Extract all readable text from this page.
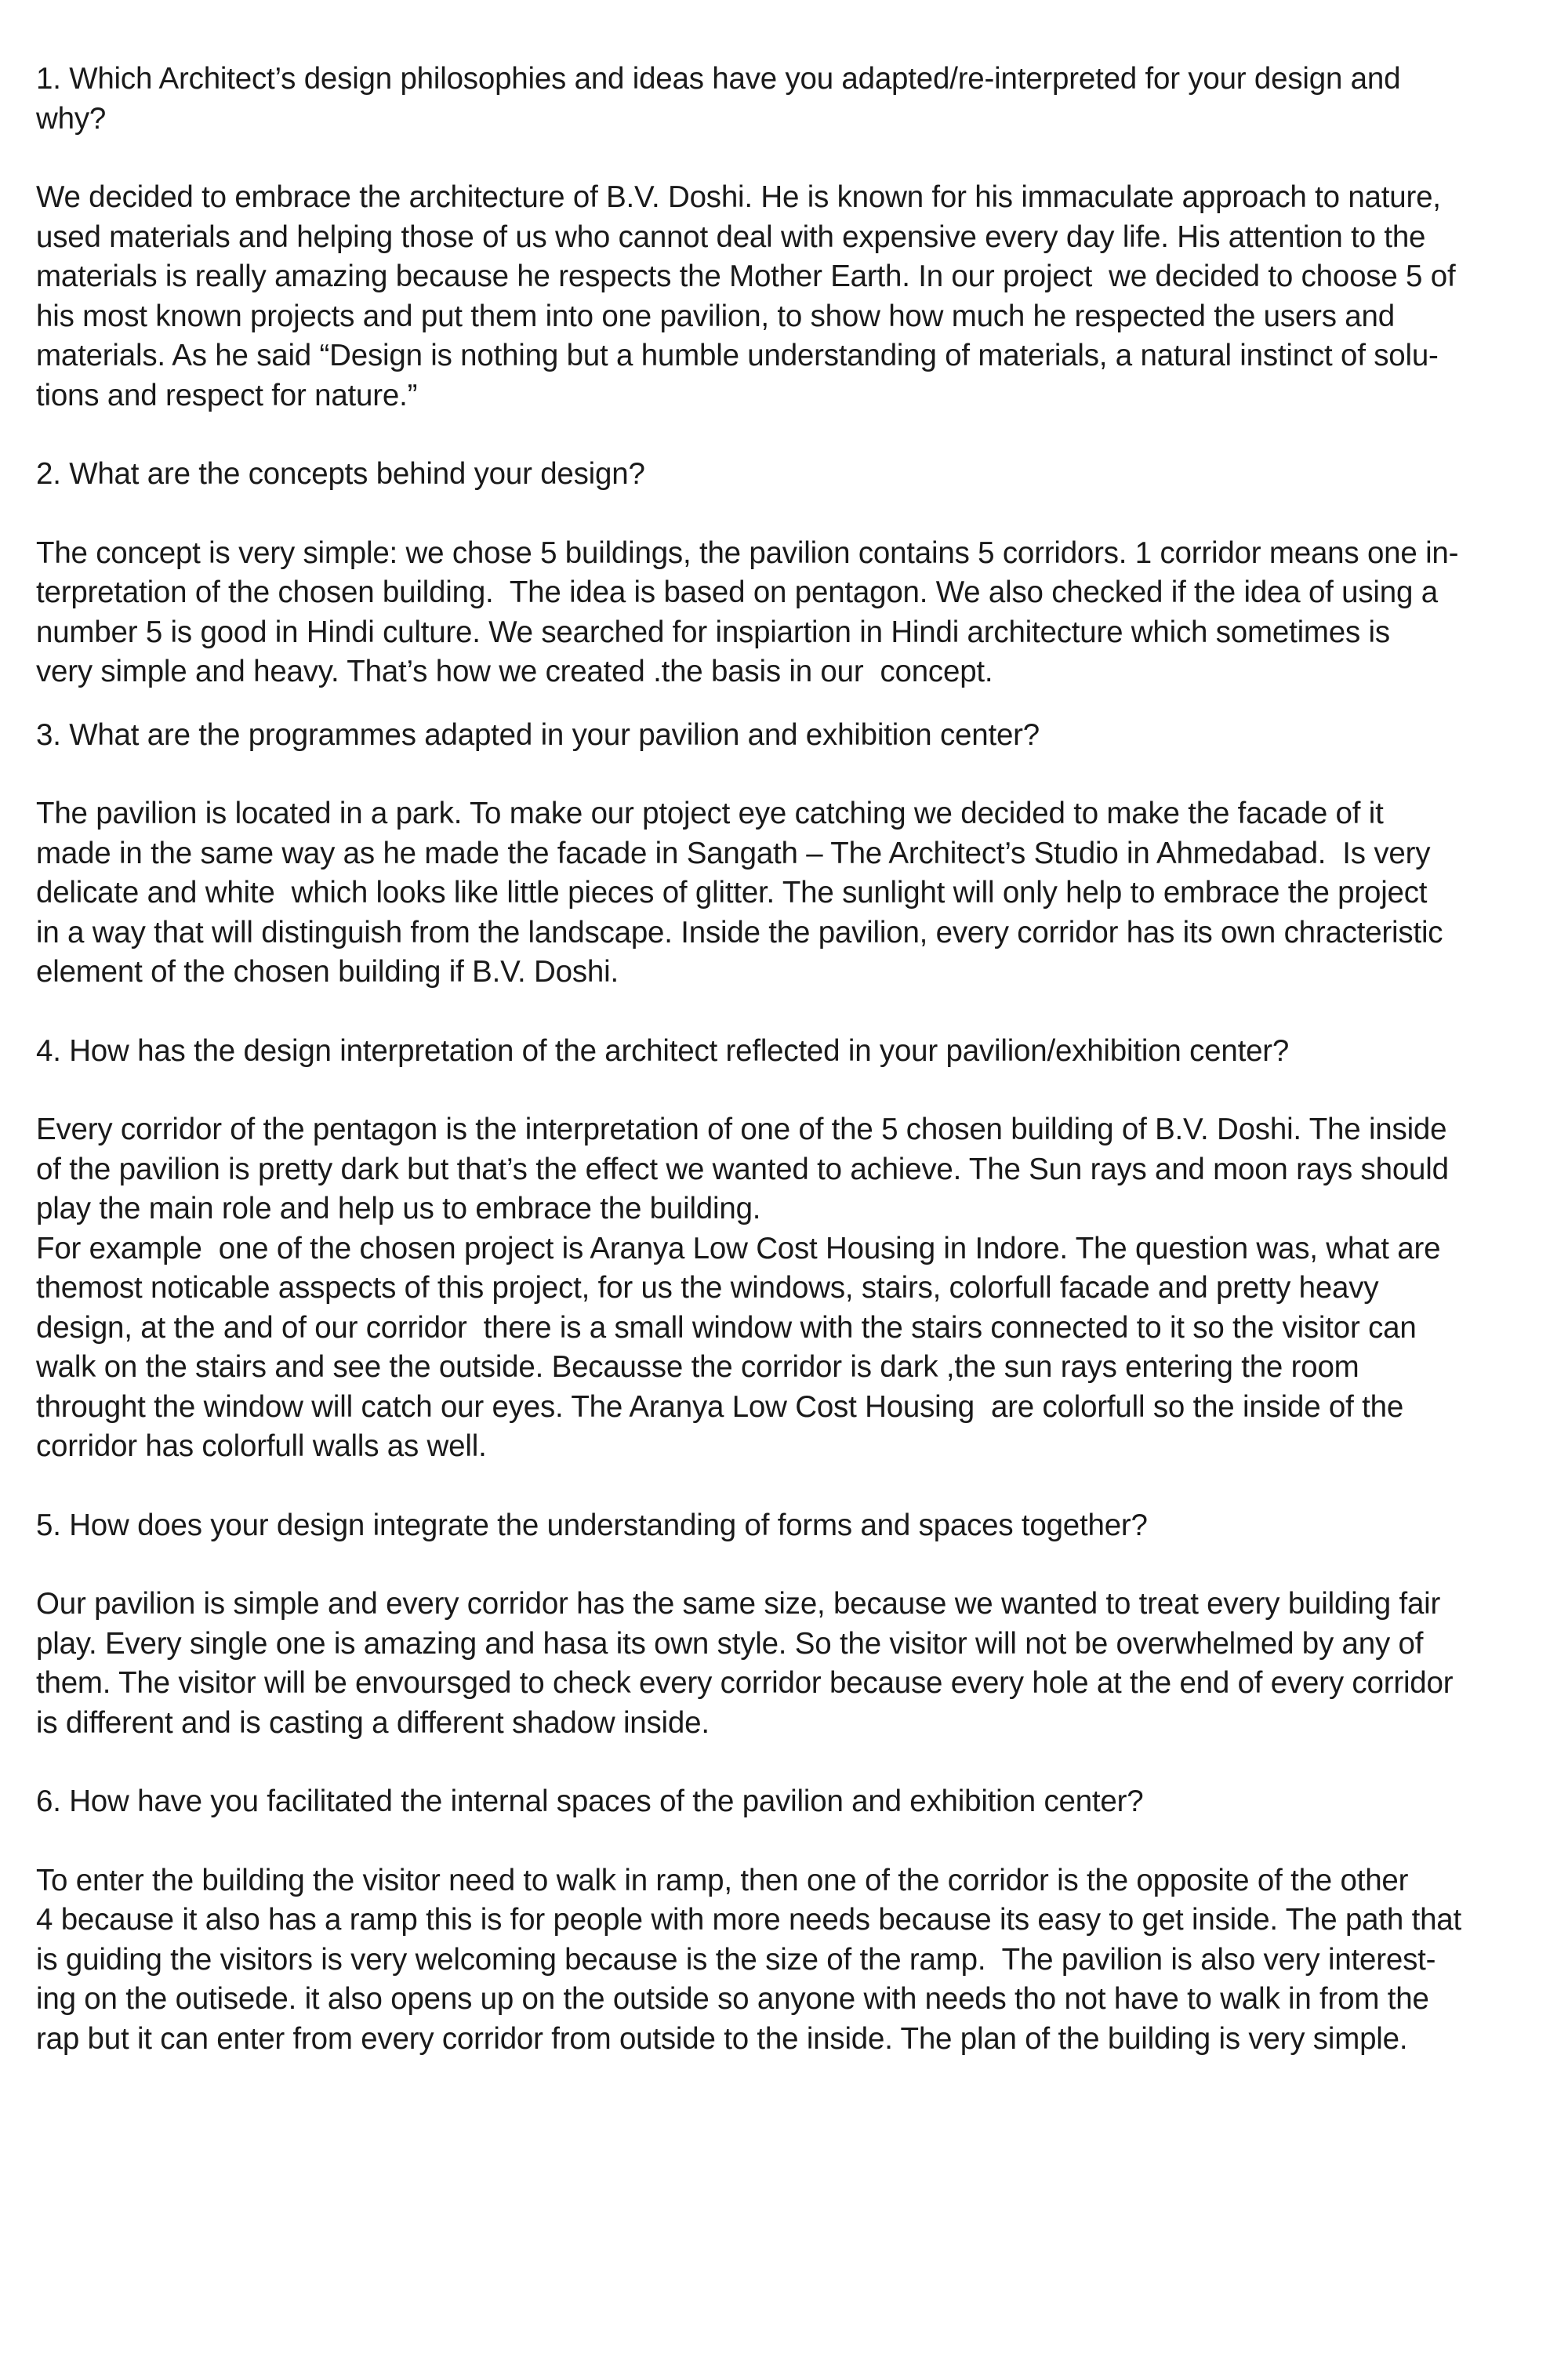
1. Which Architect’s design philosophies and ideas have you adapted/re-interpreted for your design and
why?

We decided to embrace the architecture of B.V. Doshi. He is known for his immaculate approach to nature,
used materials and helping those of us who cannot deal with expensive every day life. His attention to the
materials is really amazing because he respects the Mother Earth. In our project  we decided to choose 5 of
his most known projects and put them into one pavilion, to show how much he respected the users and
materials. As he said “Design is nothing but a humble understanding of materials, a natural instinct of solu-
tions and respect for nature.”

2. What are the concepts behind your design?

The concept is very simple: we chose 5 buildings, the pavilion contains 5 corridors. 1 corridor means one in-
terpretation of the chosen building.  The idea is based on pentagon. We also checked if the idea of using a
number 5 is good in Hindi culture. We searched for inspiartion in Hindi architecture which sometimes is
very simple and heavy. That’s how we created .the basis in our  concept.

3. What are the programmes adapted in your pavilion and exhibition center?

The pavilion is located in a park. To make our ptoject eye catching we decided to make the facade of it
made in the same way as he made the facade in Sangath – The Architect’s Studio in Ahmedabad.  Is very
delicate and white  which looks like little pieces of glitter. The sunlight will only help to embrace the project
in a way that will distinguish from the landscape. Inside the pavilion, every corridor has its own chracteristic
element of the chosen building if B.V. Doshi.

4. How has the design interpretation of the architect reflected in your pavilion/exhibition center?

Every corridor of the pentagon is the interpretation of one of the 5 chosen building of B.V. Doshi. The inside
of the pavilion is pretty dark but that’s the effect we wanted to achieve. The Sun rays and moon rays should
play the main role and help us to embrace the building.

For example  one of the chosen project is Aranya Low Cost Housing in Indore. The question was, what are
themost noticable asspects of this project, for us the windows, stairs, colorfull facade and pretty heavy
design, at the and of our corridor  there is a small window with the stairs connected to it so the visitor can
walk on the stairs and see the outside. Becausse the corridor is dark ,the sun rays entering the room
throught the window will catch our eyes. The Aranya Low Cost Housing  are colorfull so the inside of the
corridor has colorfull walls as well.

5. How does your design integrate the understanding of forms and spaces together?

Our pavilion is simple and every corridor has the same size, because we wanted to treat every building fair
play. Every single one is amazing and hasa its own style. So the visitor will not be overwhelmed by any of
them. The visitor will be envoursged to check every corridor because every hole at the end of every corridor
is different and is casting a different shadow inside.

6. How have you facilitated the internal spaces of the pavilion and exhibition center?

To enter the building the visitor need to walk in ramp, then one of the corridor is the opposite of the other
4 because it also has a ramp this is for people with more needs because its easy to get inside. The path that
is guiding the visitors is very welcoming because is the size of the ramp.  The pavilion is also very interest-
ing on the outisede. it also opens up on the outside so anyone with needs tho not have to walk in from the
rap but it can enter from every corridor from outside to the inside. The plan of the building is very simple.
